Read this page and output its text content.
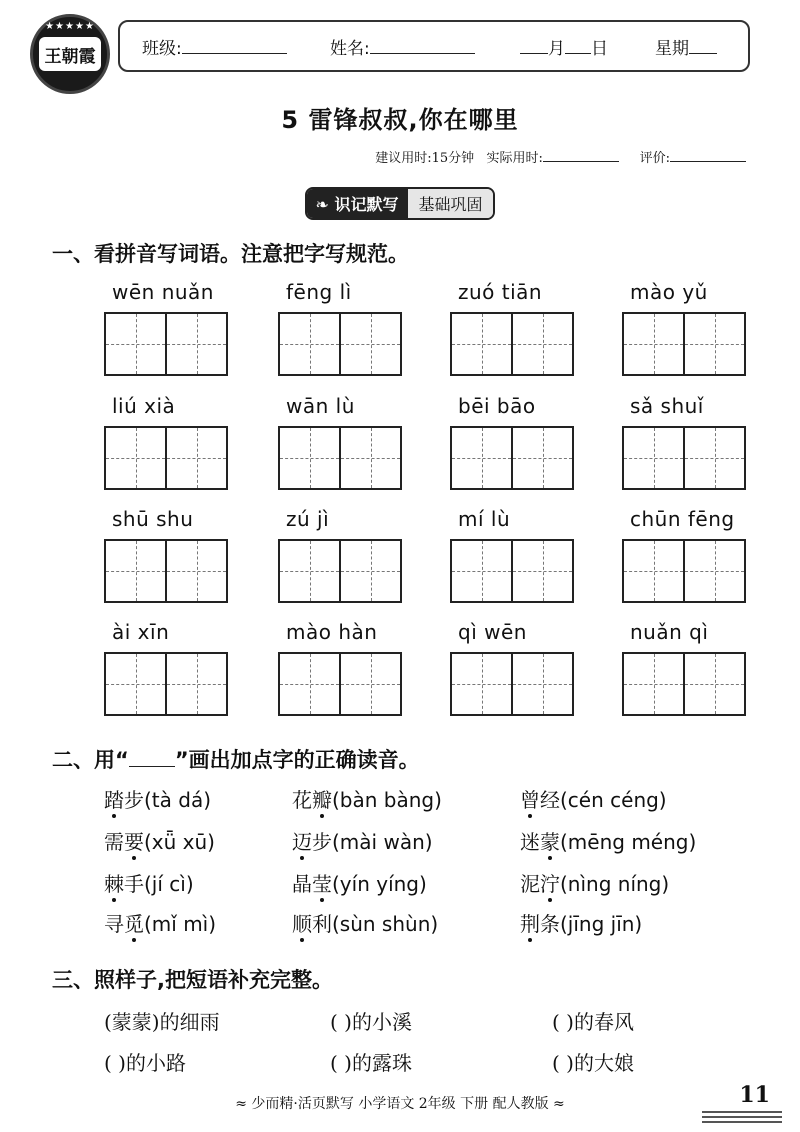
★★★★★
王朝霞	班级:	姓名:	月 日	星期
5 雷锋叔叔,你在哪里
建议用时:15分钟 实际用时:	评价:
❧ 识记默写	基础巩固
一、看拼音写词语。注意把字写规范。
wēn nuǎn	fēng lì	zuó tiān	mào yǔ
liú xià	wān lù	bēi bāo	sǎ shuǐ
shū shu	zú jì	mí lù	chūn fēng
ài xīn	mào hàn	qì wēn	nuǎn qì
二、用“ ”画出加点字的正确读音。
踏步(tà dá)	花瓣(bàn bàng)	曾经(cén céng)
需要(xǖ xū)	迈步(mài wàn)	迷蒙(mēng méng)
棘手(jí cì)	晶莹(yín yíng)	泥泞(nìng níng)
寻觅(mǐ mì)	顺利(sùn shùn)	荆条(jīng jīn)
三、照样子,把短语补充完整。
(蒙蒙)的细雨	( )的小溪	( )的春风
( )的小路	( )的露珠	( )的大娘
≈ 少而精·活页默写 小学语文 2年级 下册 配人教版 ≈	11
